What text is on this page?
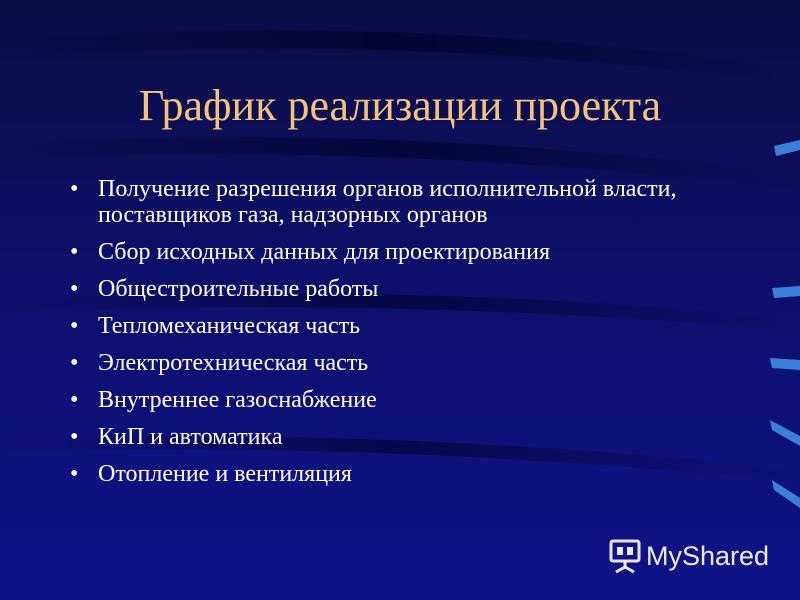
График реализации проекта
• Получение разрешения органов исполнительной власти, поставщиков газа, надзорных органов
• Сбор исходных данных для проектирования
• Общестроительные работы
• Тепломеханическая часть
• Электротехническая часть
• Внутреннее газоснабжение
• КиП и автоматика
• Отопление и вентиляция
MyShared
